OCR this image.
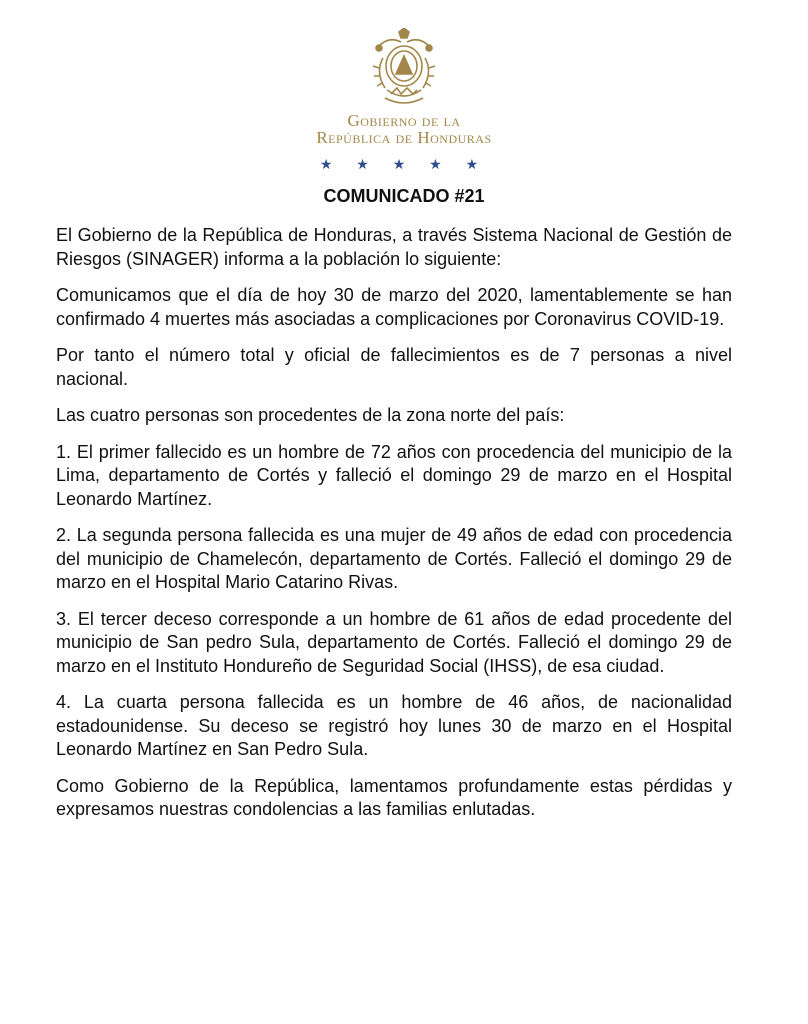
Gobierno de la
República de Honduras
★ ★ ★ ★ ★
COMUNICADO #21

El Gobierno de la República de Honduras, a través Sistema Nacional de Gestión de Riesgos (SINAGER) informa a la población lo siguiente:

Comunicamos que el día de hoy 30 de marzo del 2020, lamentablemente se han confirmado 4 muertes más asociadas a complicaciones por Coronavirus COVID-19.

Por tanto el número total y oficial de fallecimientos es de 7 personas a nivel nacional.

Las cuatro personas son procedentes de la zona norte del país:

1. El primer fallecido es un hombre de 72 años con procedencia del municipio de la Lima, departamento de Cortés y falleció el domingo 29 de marzo en el Hospital Leonardo Martínez.

2. La segunda persona fallecida es una mujer de 49 años de edad con procedencia del municipio de Chamelecón, departamento de Cortés. Falleció el domingo 29 de marzo en el Hospital Mario Catarino Rivas.

3. El tercer deceso corresponde a un hombre de 61 años de edad procedente del municipio de San pedro Sula, departamento de Cortés. Falleció el domingo 29 de marzo en el Instituto Hondureño de Seguridad Social (IHSS), de esa ciudad.

4. La cuarta persona fallecida es un hombre de 46 años, de nacionalidad estadounidense. Su deceso se registró hoy lunes 30 de marzo en el Hospital Leonardo Martínez en San Pedro Sula.

Como Gobierno de la República, lamentamos profundamente estas pérdidas y expresamos nuestras condolencias a las familias enlutadas.
